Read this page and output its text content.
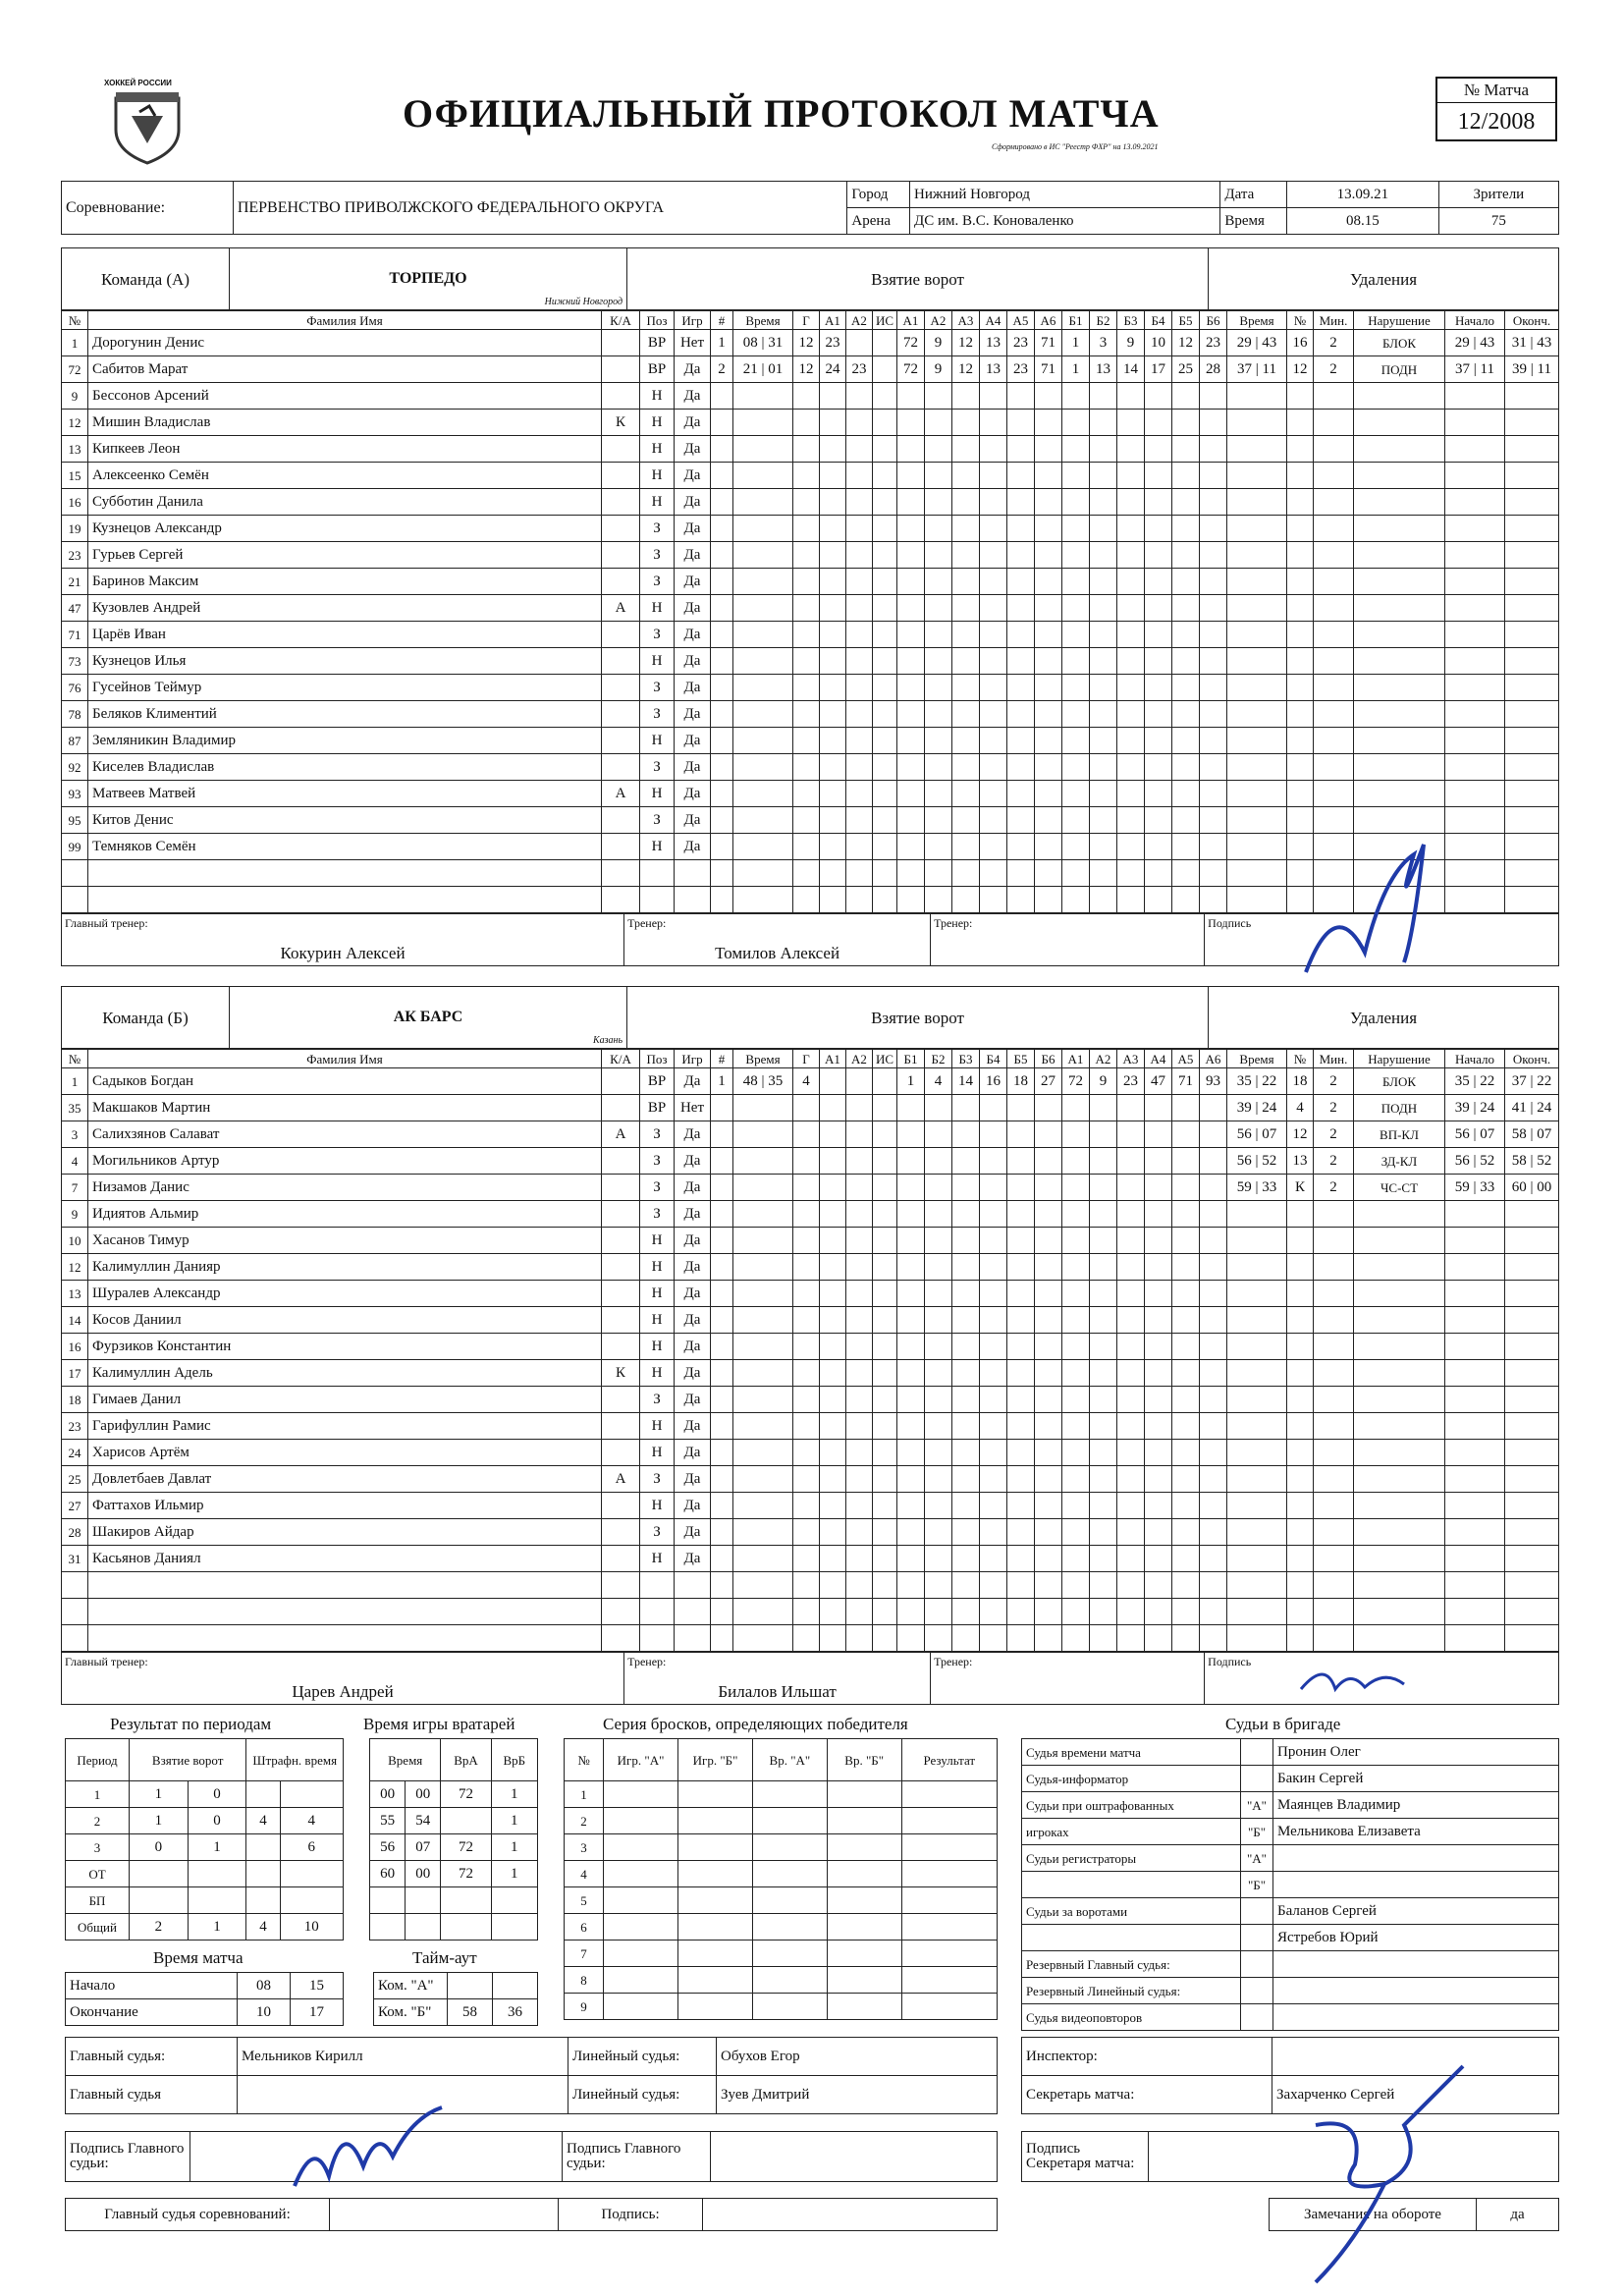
ХОККЕЙ РОССИИ
ОФИЦИАЛЬНЫЙ ПРОТОКОЛ МАТЧА
Сформировано в ИС "Реестр ФХР" на 13.09.2021
№ Матча
12/2008
Соревнование:	ПЕРВЕНСТВО ПРИВОЛЖСКОГО ФЕДЕРАЛЬНОГО ОКРУГА	Город	Нижний Новгород	Дата	13.09.21	Зрители
		Арена	ДС им. В.С. Коноваленко	Время	08.15	75
Команда (А)	ТОРПЕДО
Нижний Новгород
	Взятие ворот	Удаления
№	Фамилия Имя	К/А	Поз	Игр	#	Время	Г	А1	А2	ИС	А1	А2	А3	А4	А5	А6	Б1	Б2	Б3	Б4	Б5	Б6	Время	№	Мин.	Нарушение	Начало	Оконч.
1	Дорогунин Денис		ВР	Нет	1	08 | 31	12	23			72	9	12	13	23	71	1	3	9	10	12	23	29 | 43	16	2	БЛОК	29 | 43	31 | 43
72	Сабитов Марат		ВР	Да	2	21 | 01	12	24	23		72	9	12	13	23	71	1	13	14	17	25	28	37 | 11	12	2	ПОДН	37 | 11	39 | 11
9	Бессонов Арсений		Н	Да																								
12	Мишин Владислав	К	Н	Да																								
13	Кипкеев Леон		Н	Да																								
15	Алексеенко Семён		Н	Да																								
16	Субботин Данила		Н	Да																								
19	Кузнецов Александр		З	Да																								
23	Гурьев Сергей		З	Да																								
21	Баринов Максим		З	Да																								
47	Кузовлев Андрей	А	Н	Да																								
71	Царёв Иван		З	Да																								
73	Кузнецов Илья		Н	Да																								
76	Гусейнов Теймур		З	Да																								
78	Беляков Климентий		З	Да																								
87	Земляникин Владимир		Н	Да																								
92	Киселев Владислав		З	Да																								
93	Матвеев Матвей	А	Н	Да																								
95	Китов Денис		З	Да																								
99	Темняков Семён		Н	Да																								

Главный тренер:
Кокурин Алексей

Тренер:
Томилов Алексей

Тренер:	Подпись
Команда (Б)	АК БАРС
Казань
	Взятие ворот	Удаления
№	Фамилия Имя	К/А	Поз	Игр	#	Время	Г	А1	А2	ИС	Б1	Б2	Б3	Б4	Б5	Б6	А1	А2	А3	А4	А5	А6	Время	№	Мин.	Нарушение	Начало	Оконч.
1	Садыков Богдан		ВР	Да	1	48 | 35	4				1	4	14	16	18	27	72	9	23	47	71	93	35 | 22	18	2	БЛОК	35 | 22	37 | 22
35	Макшаков Мартин		ВР	Нет																			39 | 24	4	2	ПОДН	39 | 24	41 | 24
3	Салихзянов Салават	А	З	Да																			56 | 07	12	2	ВП-КЛ	56 | 07	58 | 07
4	Могильников Артур		З	Да																			56 | 52	13	2	ЗД-КЛ	56 | 52	58 | 52
7	Низамов Данис		З	Да																			59 | 33	К	2	ЧС-СТ	59 | 33	60 | 00
9	Идиятов Альмир		З	Да																								
10	Хасанов Тимур		Н	Да																								
12	Калимуллин Данияр		Н	Да																								
13	Шуралев Александр		Н	Да																								
14	Косов Даниил		Н	Да																								
16	Фурзиков Константин		Н	Да																								
17	Калимуллин Адель	К	Н	Да																								
18	Гимаев Данил		З	Да																								
23	Гарифуллин Рамис		Н	Да																								
24	Харисов Артём		Н	Да																								
25	Довлетбаев Давлат	А	З	Да																								
27	Фаттахов Ильмир		Н	Да																								
28	Шакиров Айдар		З	Да																								
31	Касьянов Даниял		Н	Да																								

Главный тренер:
Царев Андрей

Тренер:
Билалов Ильшат

Тренер:	Подпись
Результат по периодам
Период	Взятие ворот		Штрафн. время	
1	1	0		
2	1	0	4	4
3	0	1		6
ОТ				
БП				
Общий	2	1	4	10
Время игры вратарей
Время		ВрА	ВрБ
00	00	72	1
55	54		1
56	07	72	1
60	00	72	1

Серия бросков, определяющих победителя
№	Игр. "А"	Игр. "Б"	Вр. "А"	Вр. "Б"	Результат
1					
2					
3					
4					
5					
6					
7					
8					
9					
Время матча
Начало	08	15
Окончание	10	17
Тайм-аут
Ком. "А"		
Ком. "Б"	58	36
Судьи в бригаде
Судья времени матча		Пронин Олег
Судья-информатор		Бакин Сергей
Судьи при оштрафованных	"А"	Маянцев Владимир
игроках	"Б"	Мельникова Елизавета
Судьи регистраторы	"А"	
	"Б"	
Судьи за воротами		Баланов Сергей
		Ястребов Юрий
Резервный Главный судья:		
Резервный Линейный судья:		
Судья видеоповторов		
Главный судья:	Мельников Кирилл	Линейный судья:	Обухов Егор
Главный судья		Линейный судья:	Зуев Дмитрий
Инспектор:	
Секретарь матча:	Захарченко Сергей
Подпись Главного судьи:		Подпись Главного судьи:	
Подпись Секретаря матча:	
Главный судья соревнований:		Подпись:		Замечания на обороте	да
